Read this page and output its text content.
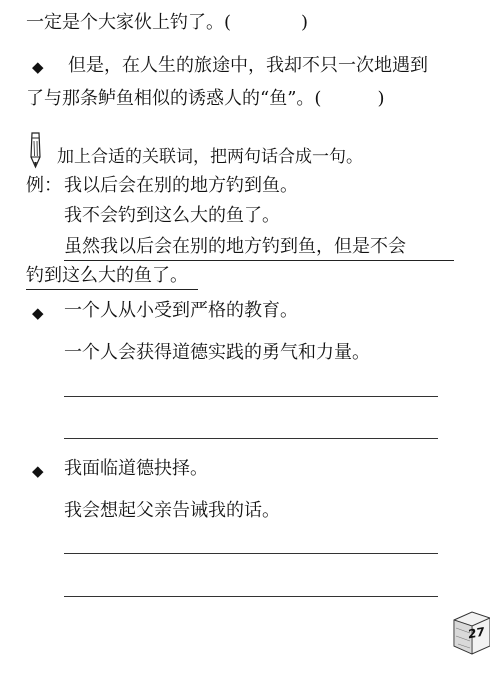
一定是个大家伙上钓了。(	)
◆ 但是，在人生的旅途中，我却不只一次地遇到
了与那条鲈鱼相似的诱惑人的“鱼”。(	)
加上合适的关联词，把两句话合成一句。
例： 我以后会在别的地方钓到鱼。
我不会钓到这么大的鱼了。
虽然我以后会在别的地方钓到鱼，但是不会
钓到这么大的鱼了。
◆ 一个人从小受到严格的教育。
一个人会获得道德实践的勇气和力量。
◆ 我面临道德抉择。
我会想起父亲告诫我的话。
27
